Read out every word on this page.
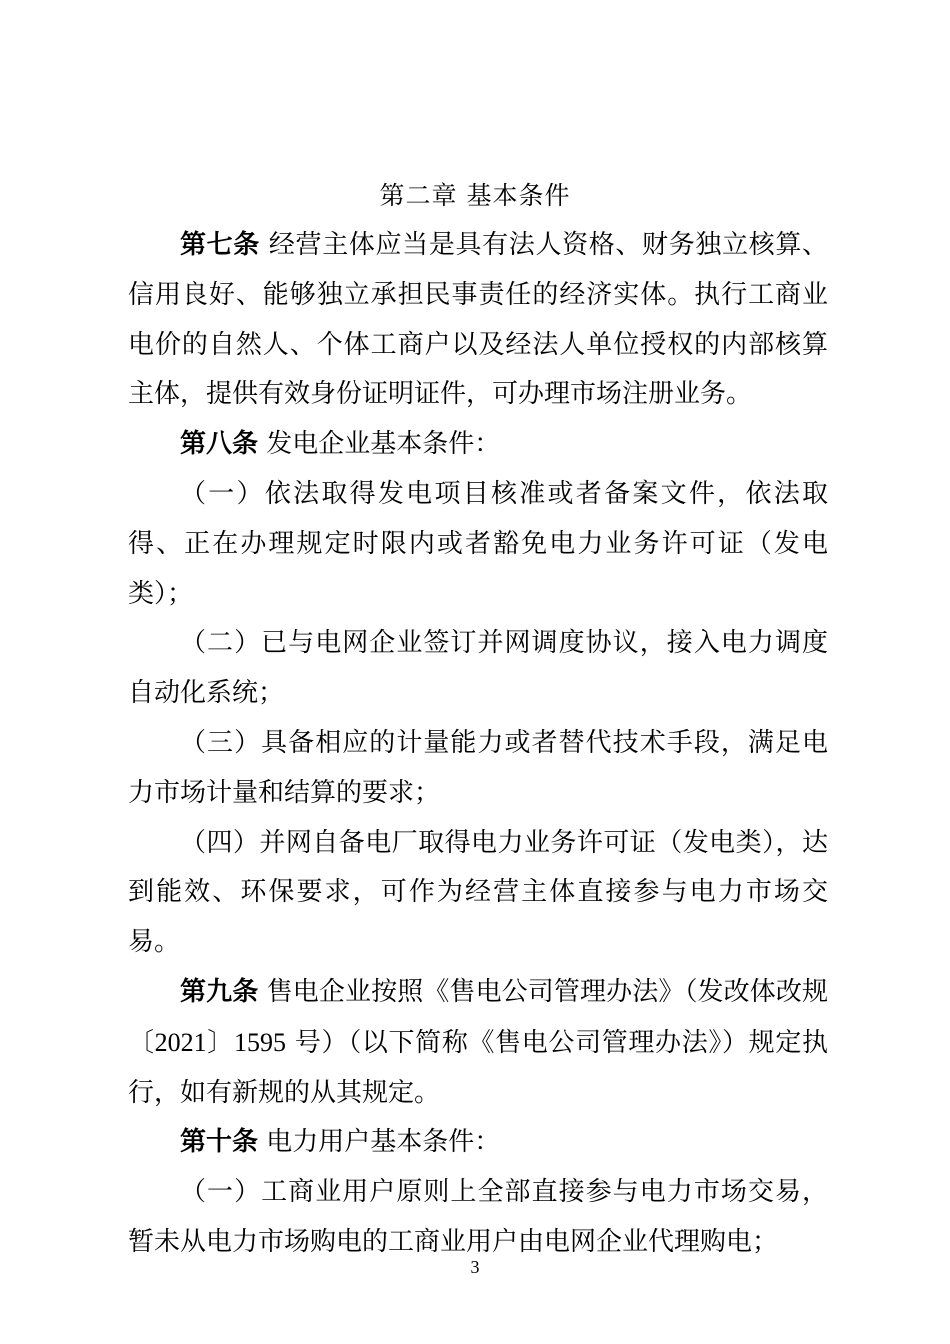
第二章 基本条件

第七条 经营主体应当是具有法人资格、财务独立核算、信用良好、能够独立承担民事责任的经济实体。执行工商业电价的自然人、个体工商户以及经法人单位授权的内部核算主体，提供有效身份证明证件，可办理市场注册业务。

第八条 发电企业基本条件：

（一）依法取得发电项目核准或者备案文件，依法取得、正在办理规定时限内或者豁免电力业务许可证（发电类）；

（二）已与电网企业签订并网调度协议，接入电力调度自动化系统；

（三）具备相应的计量能力或者替代技术手段，满足电力市场计量和结算的要求；

（四）并网自备电厂取得电力业务许可证（发电类），达到能效、环保要求，可作为经营主体直接参与电力市场交易。

第九条 售电企业按照《售电公司管理办法》（发改体改规〔2021〕1595 号）（以下简称《售电公司管理办法》）规定执行，如有新规的从其规定。

第十条 电力用户基本条件：

（一）工商业用户原则上全部直接参与电力市场交易，暂未从电力市场购电的工商业用户由电网企业代理购电；

3
